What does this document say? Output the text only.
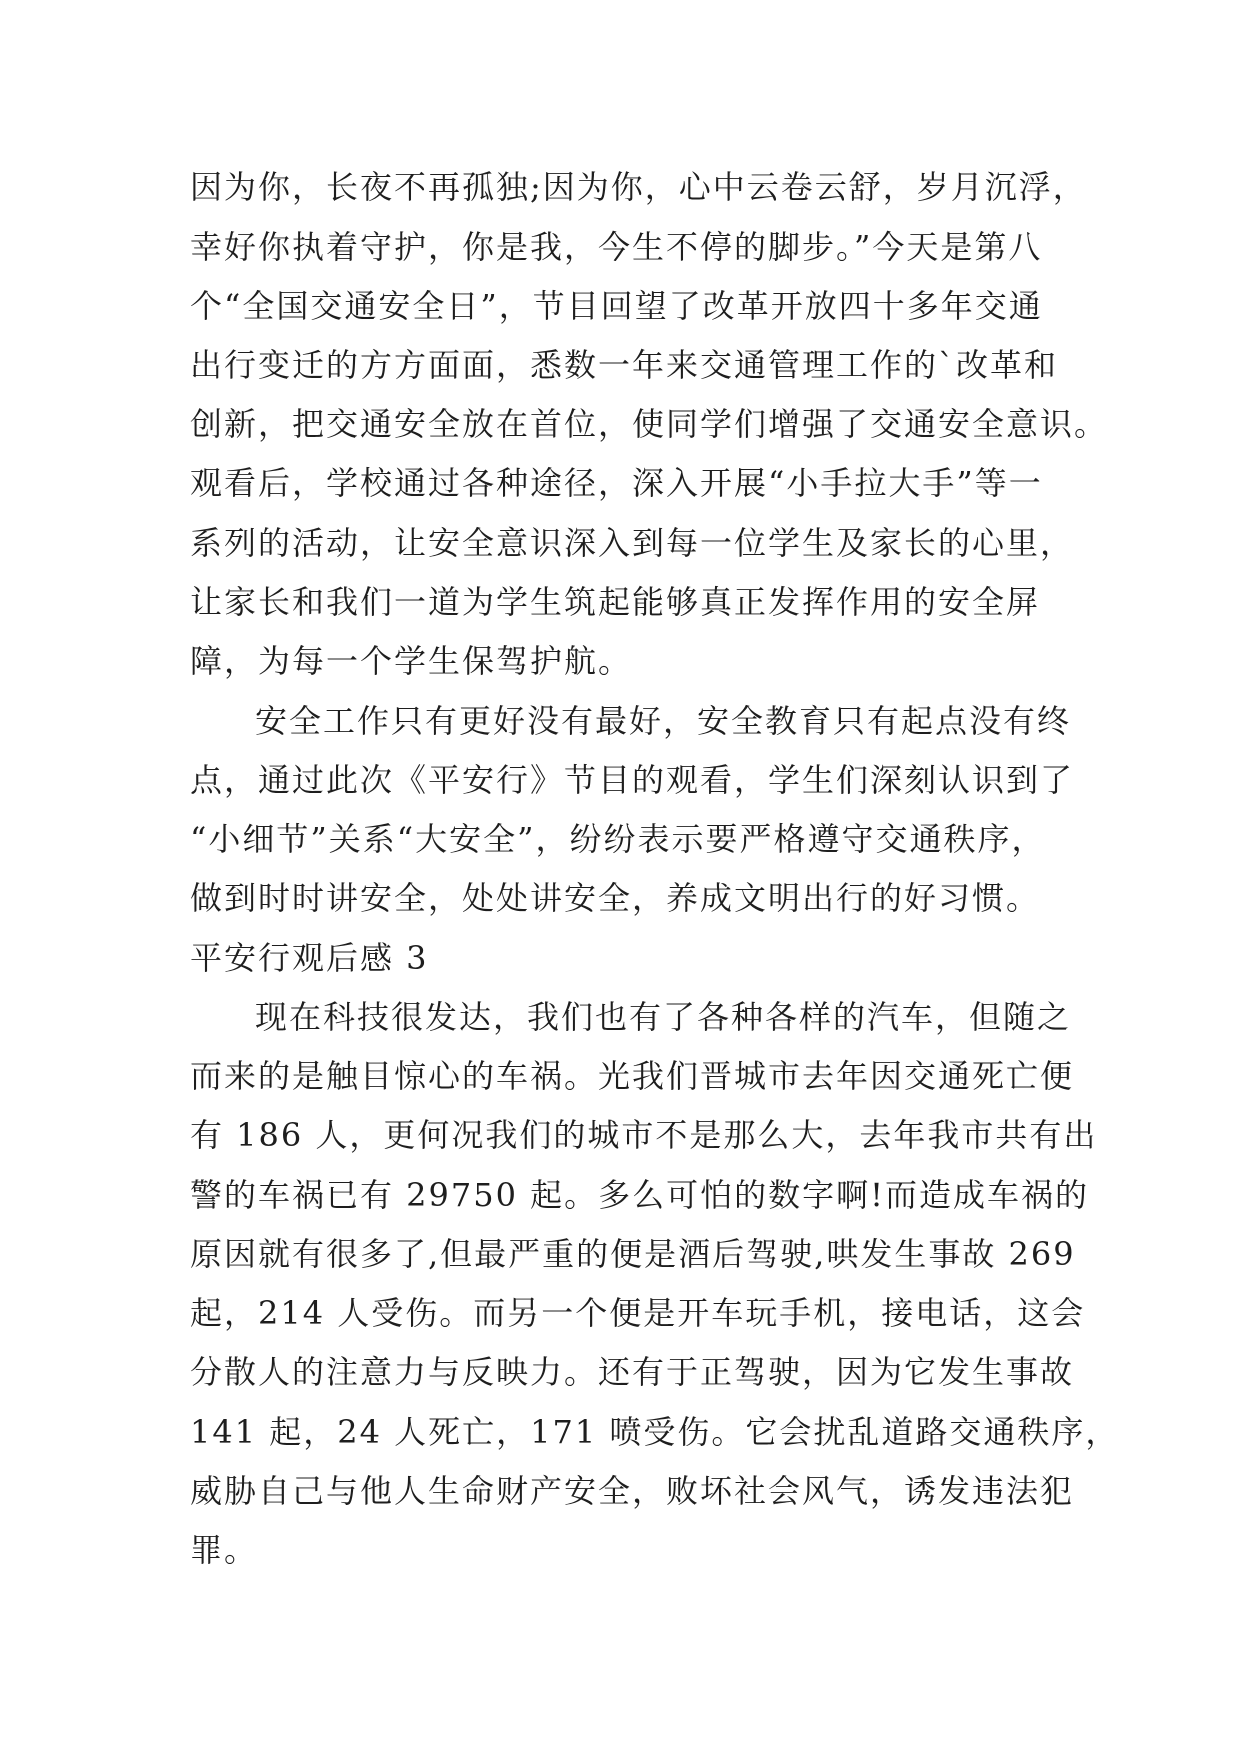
因为你，长夜不再孤独;因为你，心中云卷云舒，岁月沉浮，
幸好你执着守护，你是我，今生不停的脚步。”今天是第八
个“全国交通安全日”，节目回望了改革开放四十多年交通
出行变迁的方方面面，悉数一年来交通管理工作的`改革和
创新，把交通安全放在首位，使同学们增强了交通安全意识。
观看后，学校通过各种途径，深入开展“小手拉大手”等一
系列的活动，让安全意识深入到每一位学生及家长的心里，
让家长和我们一道为学生筑起能够真正发挥作用的安全屏
障，为每一个学生保驾护航。
安全工作只有更好没有最好，安全教育只有起点没有终
点，通过此次《平安行》节目的观看，学生们深刻认识到了
“小细节”关系“大安全”，纷纷表示要严格遵守交通秩序，
做到时时讲安全，处处讲安全，养成文明出行的好习惯。
平安行观后感 3
现在科技很发达，我们也有了各种各样的汽车，但随之
而来的是触目惊心的车祸。光我们晋城市去年因交通死亡便
有 186 人，更何况我们的城市不是那么大，去年我市共有出
警的车祸已有 29750 起。多么可怕的数字啊!而造成车祸的
原因就有很多了,但最严重的便是酒后驾驶,哄发生事故 269
起，214 人受伤。而另一个便是开车玩手机，接电话，这会
分散人的注意力与反映力。还有于正驾驶，因为它发生事故
141 起，24 人死亡，171 喷受伤。它会扰乱道路交通秩序，
威胁自己与他人生命财产安全，败坏社会风气，诱发违法犯
罪。
